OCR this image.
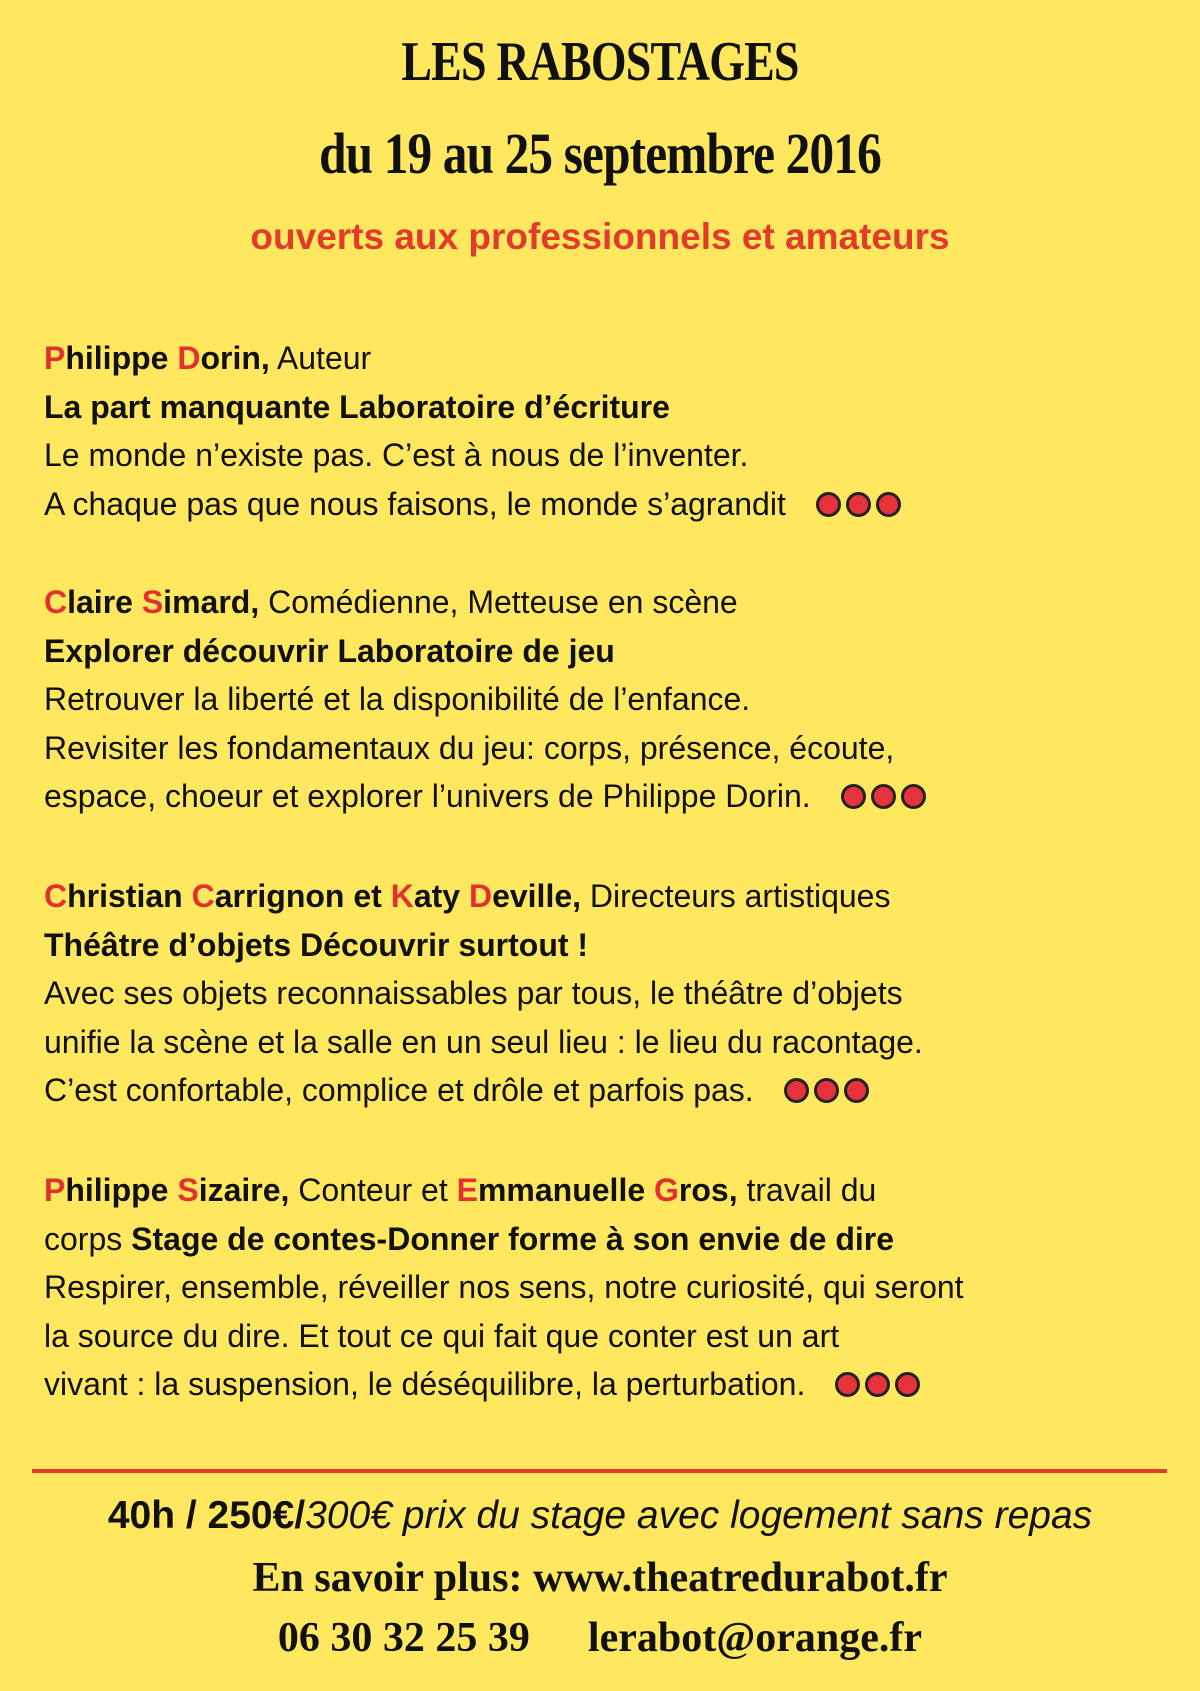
LES RABOSTAGES
du 19 au 25 septembre 2016
ouverts aux professionnels et amateurs

Philippe Dorin, Auteur

La part manquante Laboratoire d’écriture

Le monde n’existe pas. C’est à nous de l’inventer.

A chaque pas que nous faisons, le monde s’agrandit

Claire Simard, Comédienne, Metteuse en scène

Explorer découvrir Laboratoire de jeu

Retrouver la liberté et la disponibilité de l’enfance.

Revisiter les fondamentaux du jeu: corps, présence, écoute,

espace, choeur et explorer l’univers de Philippe Dorin.

Christian Carrignon et Katy Deville, Directeurs artistiques

Théâtre d’objets Découvrir surtout !

Avec ses objets reconnaissables par tous, le théâtre d’objets

unifie la scène et la salle en un seul lieu : le lieu du racontage.

C’est confortable, complice et drôle et parfois pas.

Philippe Sizaire, Conteur et Emmanuelle Gros, travail du

corps Stage de contes-Donner forme à son envie de dire

Respirer, ensemble, réveiller nos sens, notre curiosité, qui seront

la source du dire. Et tout ce qui fait que conter est un art

vivant : la suspension, le déséquilibre, la perturbation.

40h / 250€/300€ prix du stage avec logement sans repas
En savoir plus: www.theatredurabot.fr
06 30 32 25 39 lerabot@orange.fr
